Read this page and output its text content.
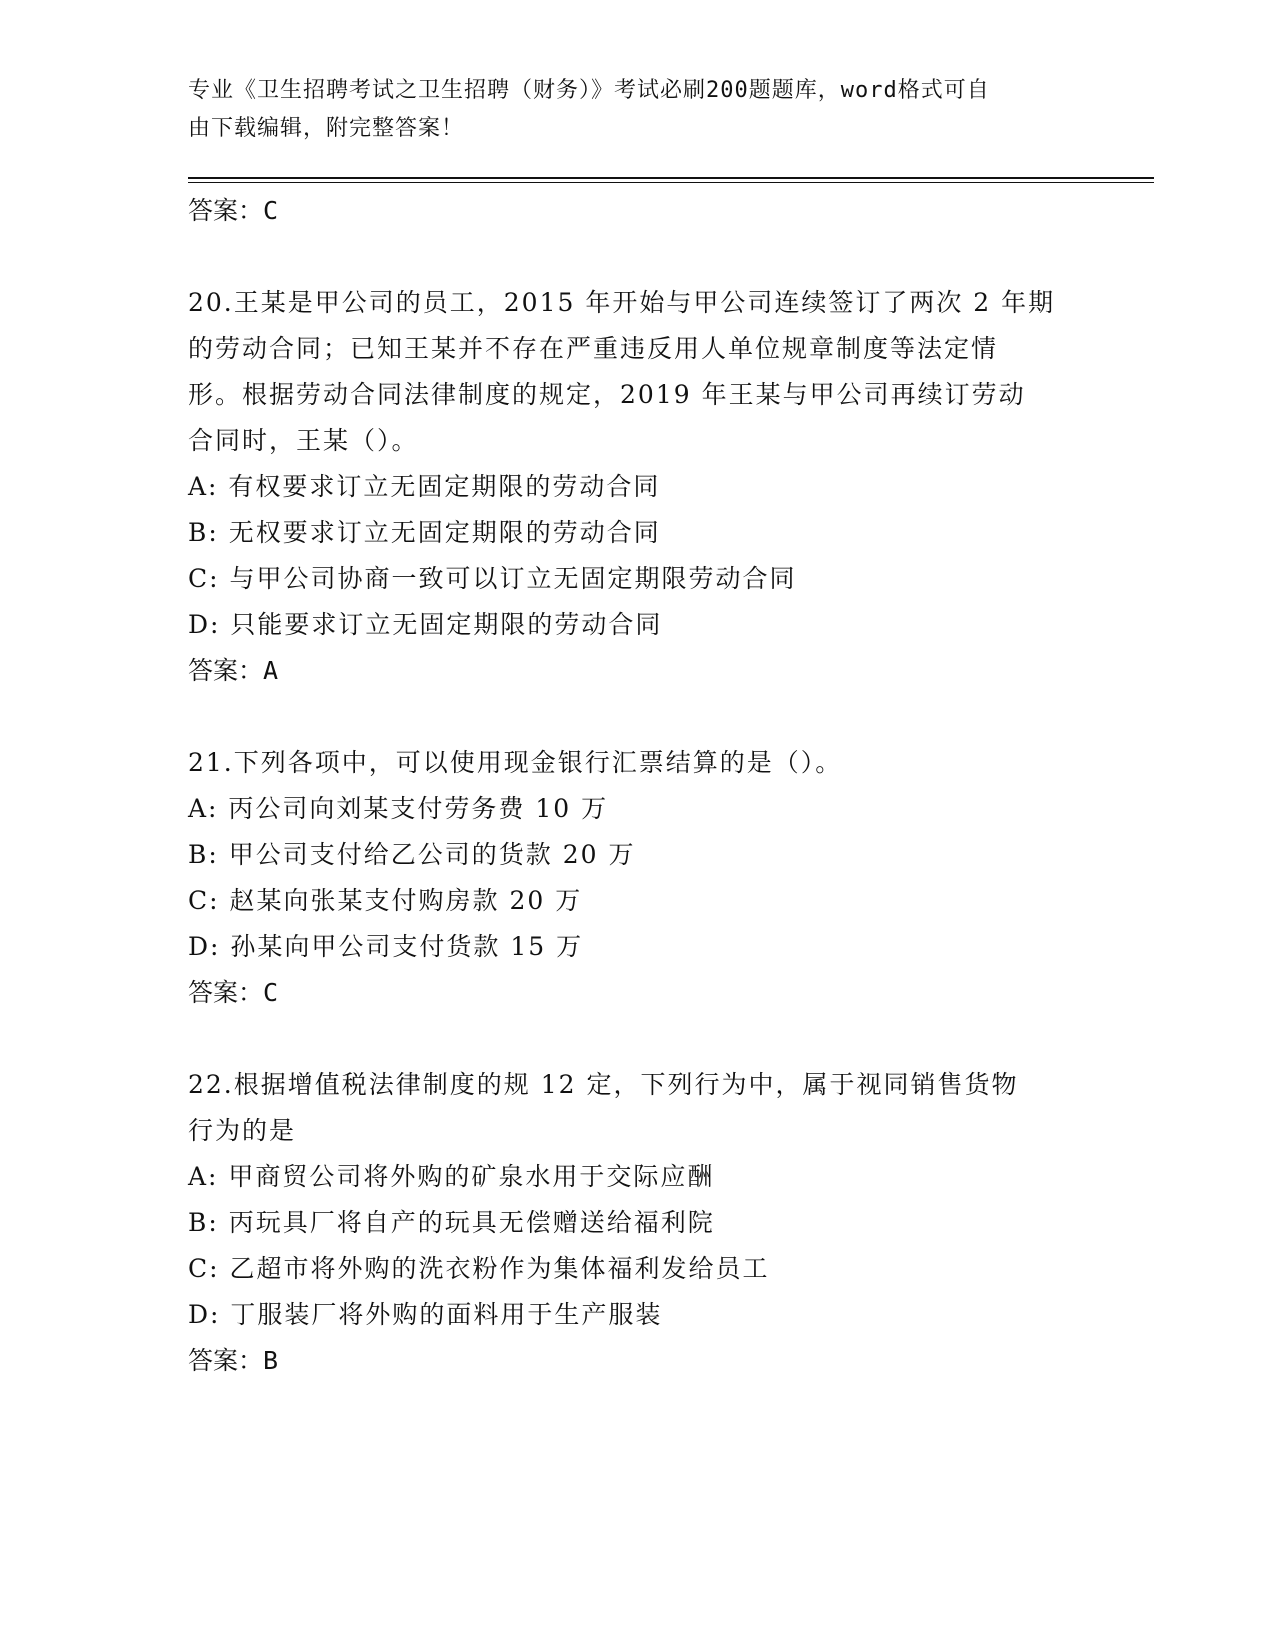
专业《卫生招聘考试之卫生招聘（财务）》考试必刷200题题库，word格式可自
由下载编辑，附完整答案！
答案：C
20.王某是甲公司的员工，2015 年开始与甲公司连续签订了两次 2 年期
的劳动合同；已知王某并不存在严重违反用人单位规章制度等法定情
形。根据劳动合同法律制度的规定，2019 年王某与甲公司再续订劳动
合同时，王某（）。
A: 有权要求订立无固定期限的劳动合同
B: 无权要求订立无固定期限的劳动合同
C: 与甲公司协商一致可以订立无固定期限劳动合同
D: 只能要求订立无固定期限的劳动合同
答案：A
21.下列各项中，可以使用现金银行汇票结算的是（）。
A: 丙公司向刘某支付劳务费 10 万
B: 甲公司支付给乙公司的货款 20 万
C: 赵某向张某支付购房款 20 万
D: 孙某向甲公司支付货款 15 万
答案：C
22.根据增值税法律制度的规 12 定，下列行为中，属于视同销售货物
行为的是
A: 甲商贸公司将外购的矿泉水用于交际应酬
B: 丙玩具厂将自产的玩具无偿赠送给福利院
C: 乙超市将外购的洗衣粉作为集体福利发给员工
D: 丁服装厂将外购的面料用于生产服装
答案：B
